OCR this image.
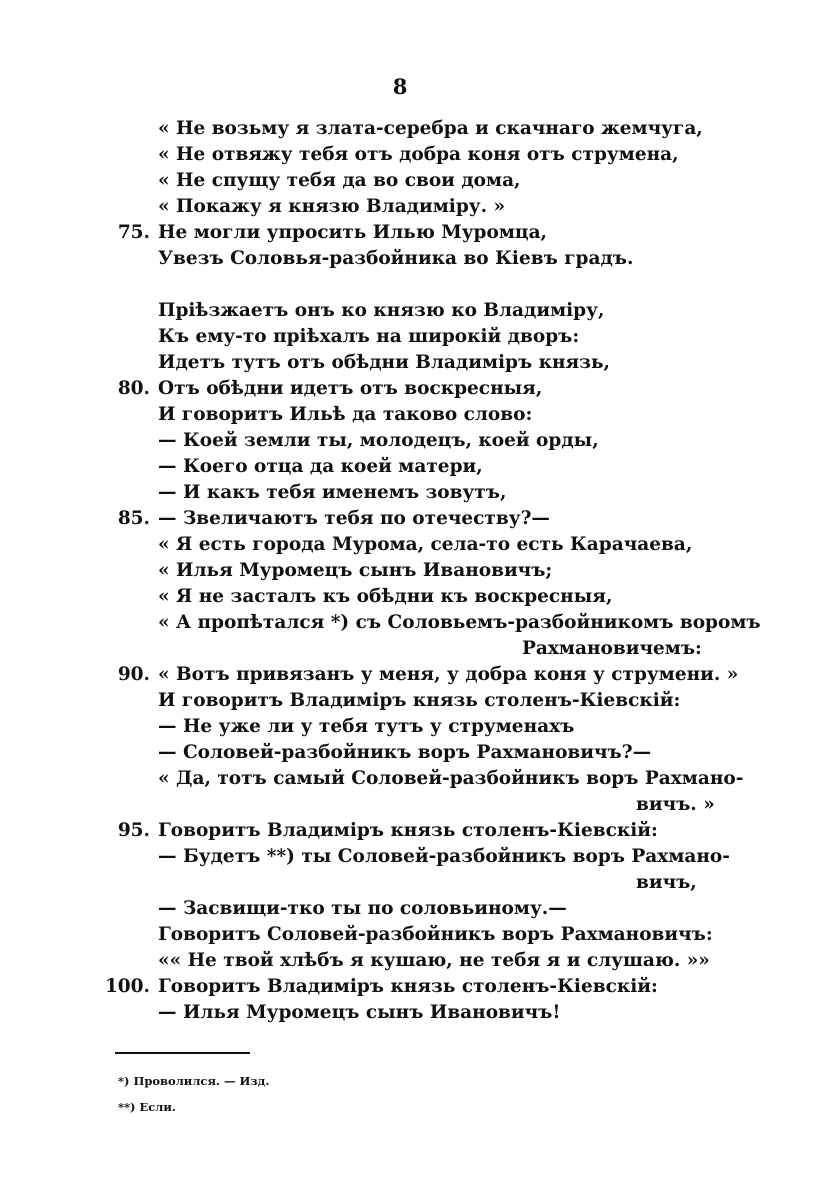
8
« Не возьму я злата-серебра и скачнаго жемчуга,
« Не отвяжу тебя отъ добра коня отъ струмена,
« Не спущу тебя да во свои дома,
« Покажу я князю Владиміру. »
75. Не могли упросить Илью Муромца,
Увезъ Соловья-разбойника во Кіевъ градъ.
Пріѣзжаетъ онъ ко князю ко Владиміру,
Къ ему-то пріѣхалъ на широкій дворъ:
Идетъ тутъ отъ обѣдни Владиміръ князь,
80. Отъ обѣдни идетъ отъ воскресныя,
И говоритъ Ильѣ да таково слово:
— Коей земли ты, молодецъ, коей орды,
— Коего отца да коей матери,
— И какъ тебя именемъ зовутъ,
85. — Звеличаютъ тебя по отечеству?—
« Я есть города Мурома, села-то есть Карачаева,
« Илья Муромецъ сынъ Ивановичъ;
« Я не засталъ къ обѣдни къ воскресныя,
« А пропѣтался *) съ Соловьемъ-разбойникомъ воромъ
Рахмановичемъ:
90. « Вотъ привязанъ у меня, у добра коня у струмени. »
И говоритъ Владиміръ князь столенъ-Кіевскій:
— Не уже ли у тебя тутъ у струменахъ
— Соловей-разбойникъ воръ Рахмановичъ?—
« Да, тотъ самый Соловей-разбойникъ воръ Рахмано-
вичъ. »
95. Говоритъ Владиміръ князь столенъ-Кіевскій:
— Будетъ **) ты Соловей-разбойникъ воръ Рахмано-
вичъ,
— Засвищи-тко ты по соловьиному.—
Говоритъ Соловей-разбойникъ воръ Рахмановичъ:
«« Не твой хлѣбъ я кушаю, не тебя я и слушаю. »»
100. Говоритъ Владиміръ князь столенъ-Кіевскій:
— Илья Муромецъ сынъ Ивановичъ!
*) Проволился. — Изд.
**) Если.
